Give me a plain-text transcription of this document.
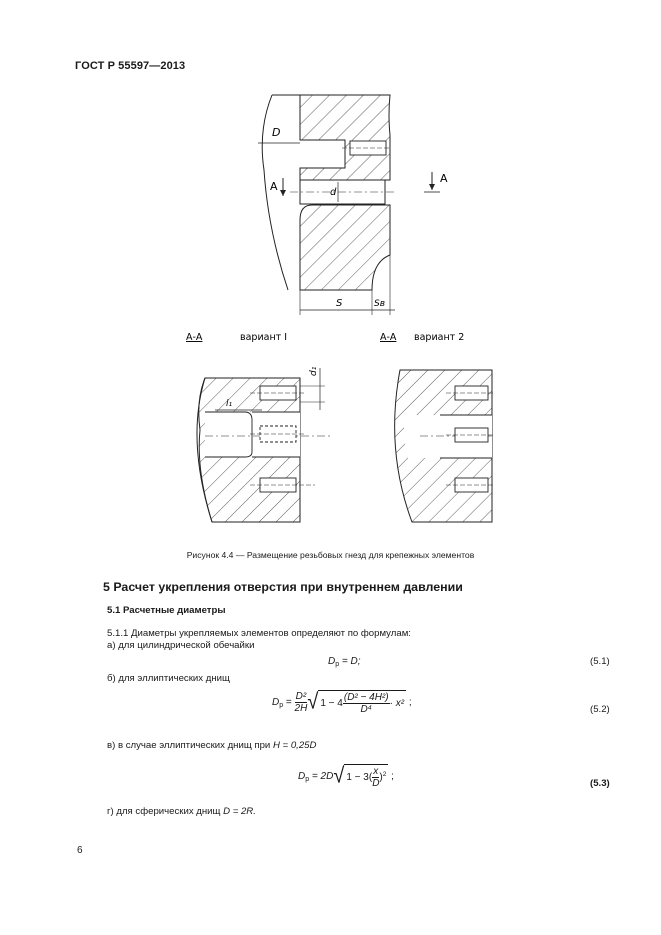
ГОСТ Р 55597—2013
D
d
А
А
S	Sв
А-А	вариант I
d₁
l₁
А-А вариант 2
Рисунок 4.4 — Размещение резьбовых гнезд для крепежных элементов
5 Расчет укрепления отверстия при внутреннем давлении
5.1 Расчетные диаметры
5.1.1 Диаметры укрепляемых элементов определяют по формулам:
а) для цилиндрической обечайки
$D_p = D$;	(5.1)
б) для эллиптических днищ
$D_p = \frac{\text{D²}}{2H}$ √ $1 - 4 \frac{\text{(D² − 4H²)}}{\text{D⁴}} \cdot x^2$ ;
(5.2)
в) в случае эллиптических днищ при H = 0,25D
$D_p = 2D√$ $1 - 3( \frac{x}{D} )^2$ ;
(5.3)
г) для сферических днищ D = 2R.
6
